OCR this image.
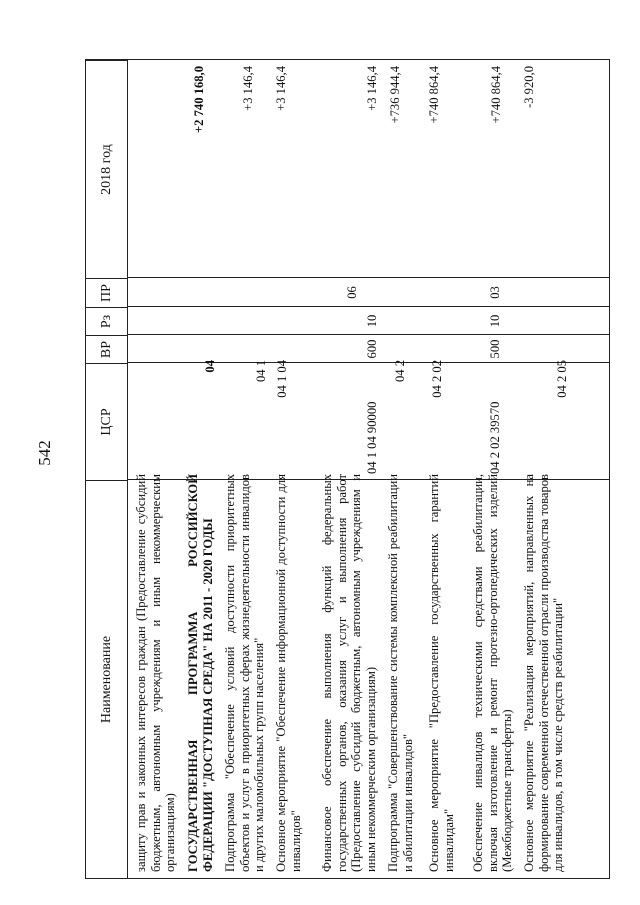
542
Наименование
ЦСР
ВР
Рз
ПР
2018 год
защиту прав и законных интересов граждан (Предоставление субсидий бюджетным, автономным учреждениям и иным некоммерческим организациям) ГОСУДАРСТВЕННАЯ ПРОГРАММА РОССИЙСКОЙ ФЕДЕРАЦИИ "ДОСТУПНАЯ СРЕДА" НА 2011 - 2020 ГОДЫ
04
+2 740 168,0
Подпрограмма "Обеспечение условий доступности приоритетных объектов и услуг в приоритетных сферах жизнедеятельности инвалидов и других маломобильных групп населения"
04 1
+3 146,4
Основное мероприятие "Обеспечение информационной доступности для инвалидов"
04 1 04
+3 146,4
Финансовое обеспечение выполнения функций федеральных государственных органов, оказания услуг и выполнения работ (Предоставление субсидий бюджетным, автономным учреждениям и иным некоммерческим организациям)
04 1 04 90000
600
10
06
+3 146,4
Подпрограмма "Совершенствование системы комплексной реабилитации и абилитации инвалидов"
04 2
+736 944,4
Основное мероприятие "Предоставление государственных гарантий инвалидам"
04 2 02
+740 864,4
Обеспечение инвалидов техническими средствами реабилитации, включая изготовление и ремонт протезно-ортопедических изделий (Межбюджетные трансферты)
04 2 02 39570
500
10
03
+740 864,4
Основное мероприятие "Реализация мероприятий, направленных на формирование современной отечественной отрасли производства товаров для инвалидов, в том числе средств реабилитации"
04 2 05
-3 920,0
